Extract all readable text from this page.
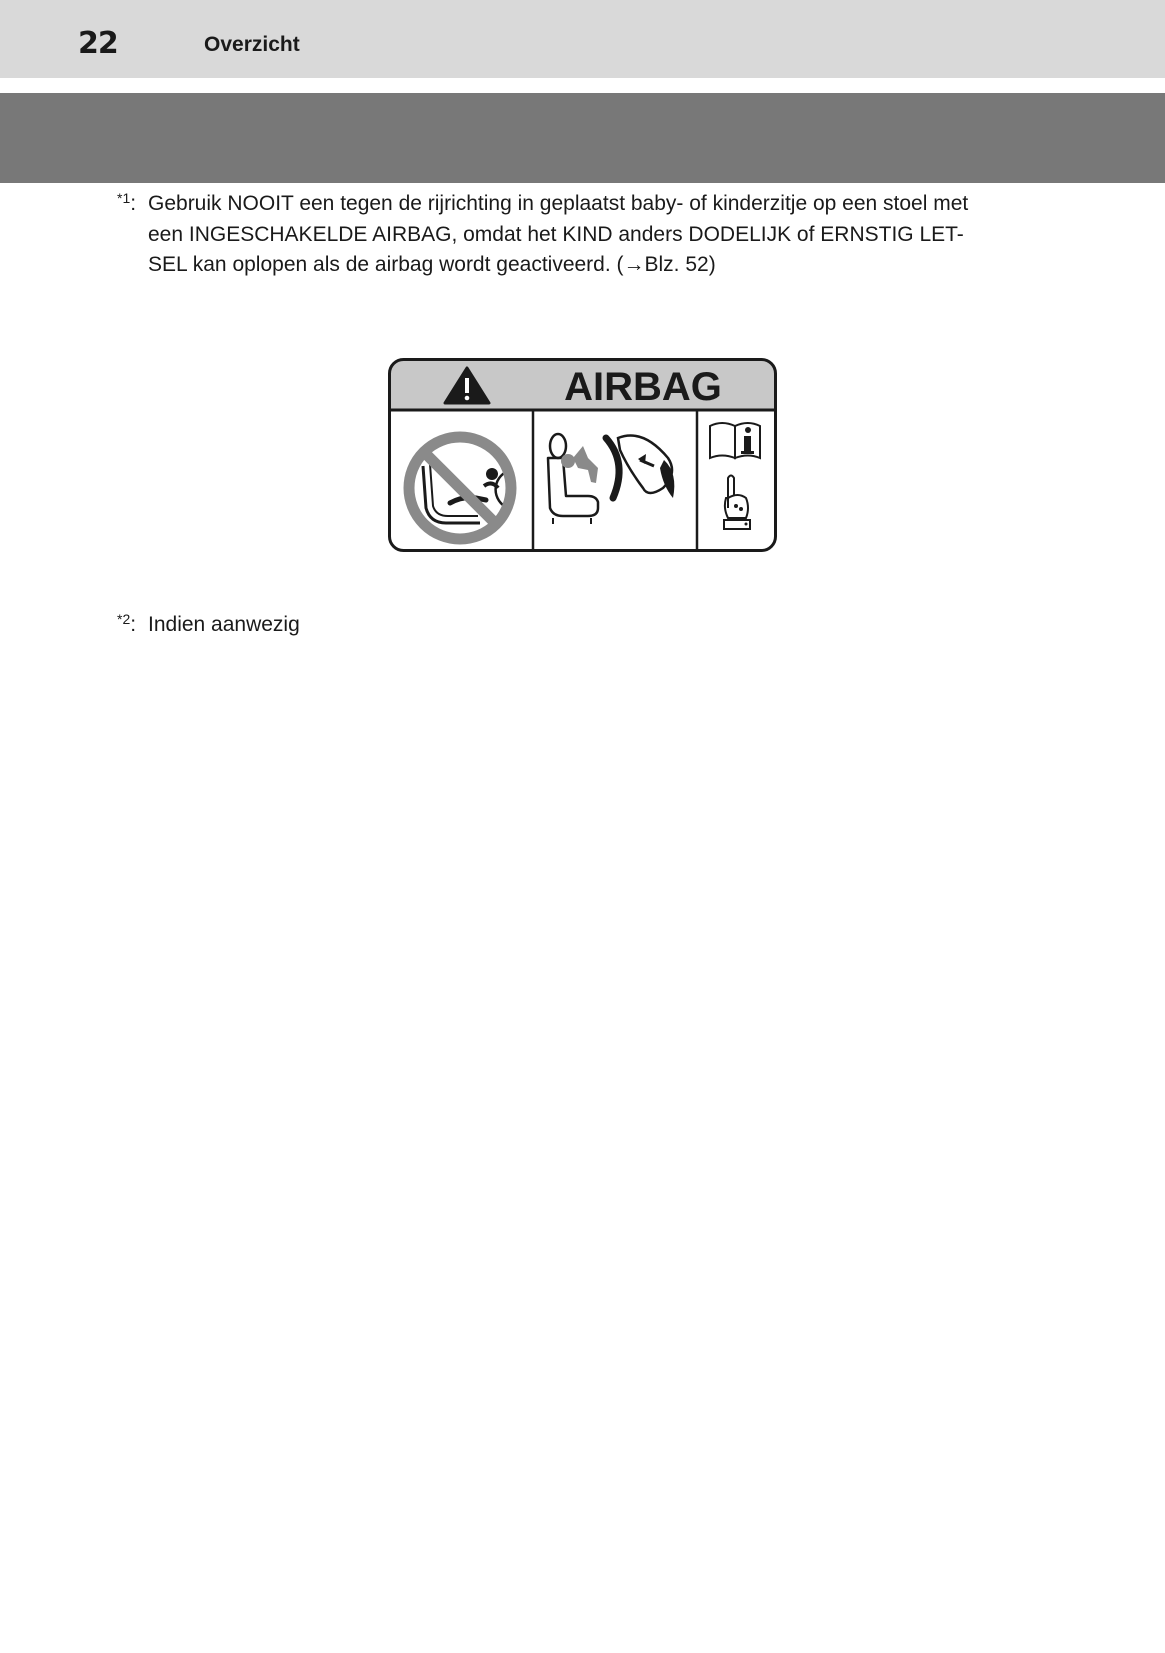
22	Overzicht
$^{*1}$: Gebruik NOOIT een tegen de rijrichting in geplaatst baby- of kinderzitje op een stoel met
een INGESCHAKELDE AIRBAG, omdat het KIND anders DODELIJK of ERNSTIG LET-
SEL kan oplopen als de airbag wordt geactiveerd. (→Blz. 52)
AIRBAG
$^{*2}$: Indien aanwezig
